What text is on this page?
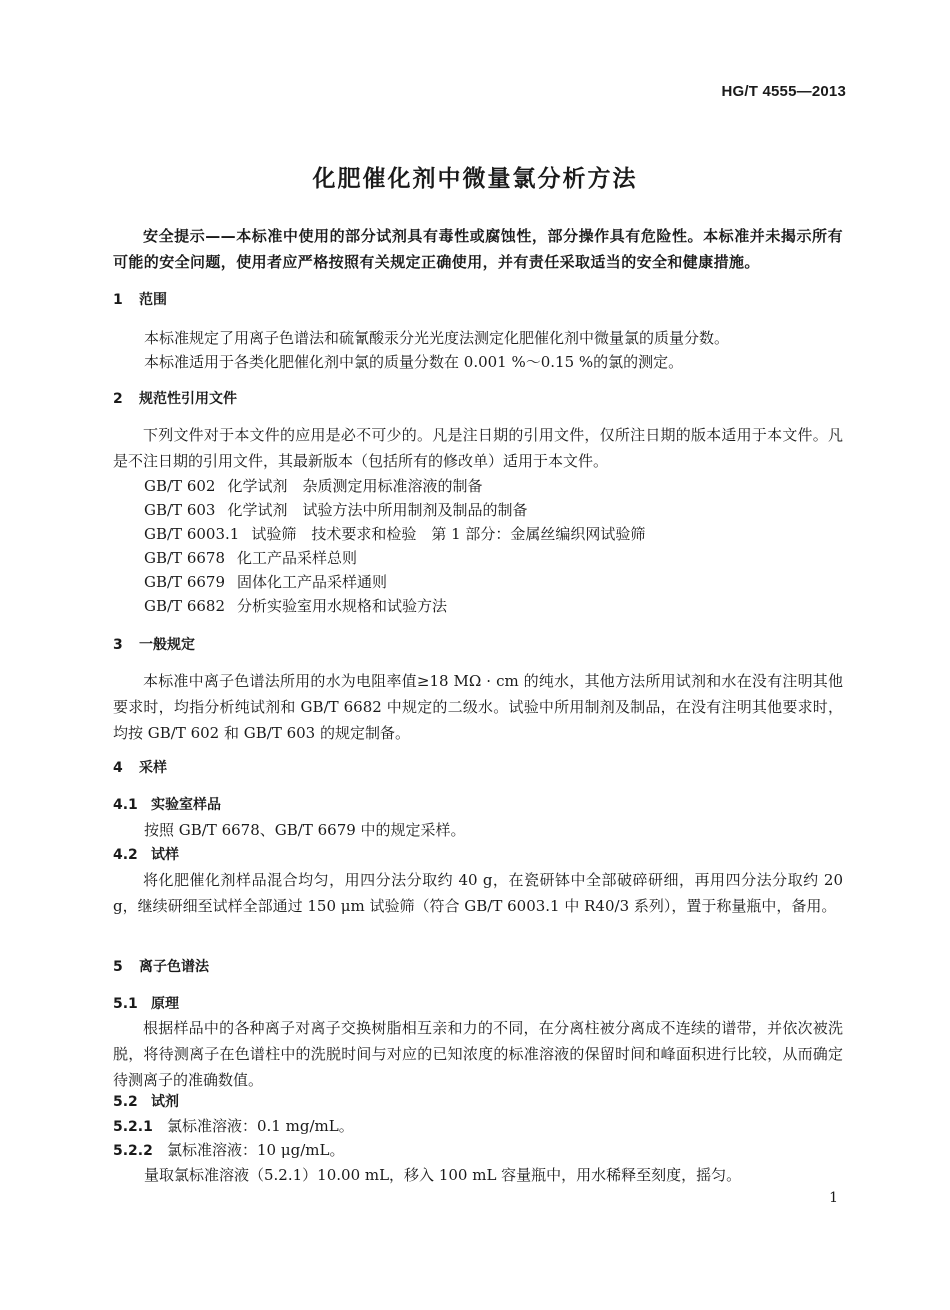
HG/T 4555—2013
化肥催化剂中微量氯分析方法
安全提示——本标准中使用的部分试剂具有毒性或腐蚀性，部分操作具有危险性。本标准并未揭示所有可能的安全问题，使用者应严格按照有关规定正确使用，并有责任采取适当的安全和健康措施。
1 范围
本标准规定了用离子色谱法和硫氰酸汞分光光度法测定化肥催化剂中微量氯的质量分数。
本标准适用于各类化肥催化剂中氯的质量分数在 0.001 %～0.15 %的氯的测定。
2 规范性引用文件
下列文件对于本文件的应用是必不可少的。凡是注日期的引用文件，仅所注日期的版本适用于本文件。凡是不注日期的引用文件，其最新版本（包括所有的修改单）适用于本文件。
GB/T 602 化学试剂　杂质测定用标准溶液的制备
GB/T 603 化学试剂　试验方法中所用制剂及制品的制备
GB/T 6003.1 试验筛　技术要求和检验　第 1 部分：金属丝编织网试验筛
GB/T 6678 化工产品采样总则
GB/T 6679 固体化工产品采样通则
GB/T 6682 分析实验室用水规格和试验方法
3 一般规定
本标准中离子色谱法所用的水为电阻率值≥18 MΩ · cm 的纯水，其他方法所用试剂和水在没有注明其他要求时，均指分析纯试剂和 GB/T 6682 中规定的二级水。试验中所用制剂及制品，在没有注明其他要求时，均按 GB/T 602 和 GB/T 603 的规定制备。
4 采样
4.1 实验室样品
按照 GB/T 6678、GB/T 6679 中的规定采样。
4.2 试样
将化肥催化剂样品混合均匀，用四分法分取约 40 g，在瓷研钵中全部破碎研细，再用四分法分取约 20 g，继续研细至试样全部通过 150 μm 试验筛（符合 GB/T 6003.1 中 R40/3 系列），置于称量瓶中，备用。
5 离子色谱法
5.1 原理
根据样品中的各种离子对离子交换树脂相互亲和力的不同，在分离柱被分离成不连续的谱带，并依次被洗脱，将待测离子在色谱柱中的洗脱时间与对应的已知浓度的标准溶液的保留时间和峰面积进行比较，从而确定待测离子的准确数值。
5.2 试剂
5.2.1 氯标准溶液：0.1 mg/mL。
5.2.2 氯标准溶液：10 μg/mL。
量取氯标准溶液（5.2.1）10.00 mL，移入 100 mL 容量瓶中，用水稀释至刻度，摇匀。
1
